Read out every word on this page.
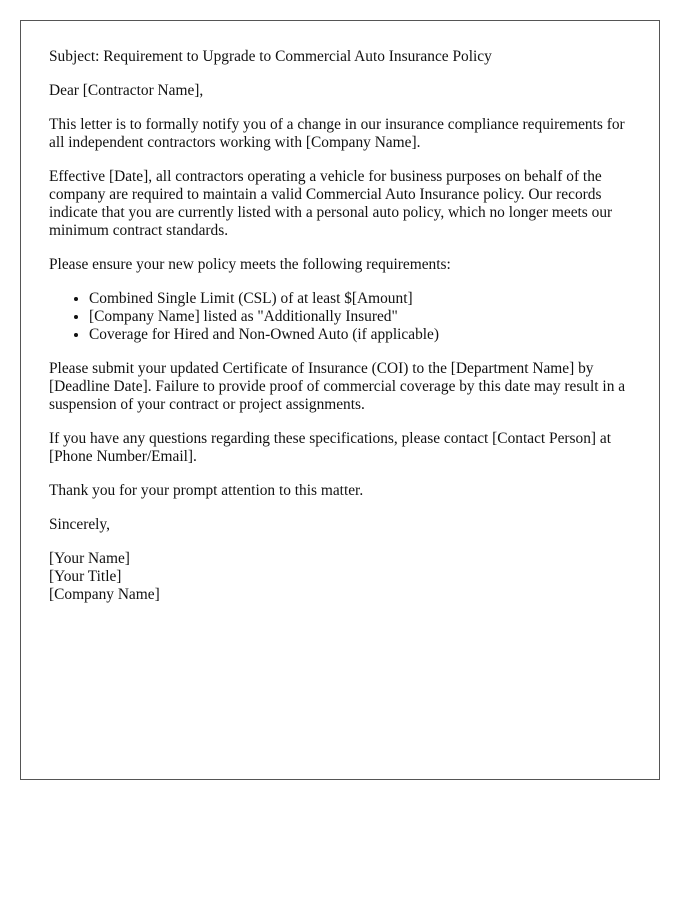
Subject: Requirement to Upgrade to Commercial Auto Insurance Policy

Dear [Contractor Name],

This letter is to formally notify you of a change in our insurance compliance requirements for all independent contractors working with [Company Name].

Effective [Date], all contractors operating a vehicle for business purposes on behalf of the company are required to maintain a valid Commercial Auto Insurance policy. Our records indicate that you are currently listed with a personal auto policy, which no longer meets our minimum contract standards.

Please ensure your new policy meets the following requirements:

• Combined Single Limit (CSL) of at least $[Amount]
• [Company Name] listed as "Additionally Insured"
• Coverage for Hired and Non-Owned Auto (if applicable)

Please submit your updated Certificate of Insurance (COI) to the [Department Name] by [Deadline Date]. Failure to provide proof of commercial coverage by this date may result in a suspension of your contract or project assignments.

If you have any questions regarding these specifications, please contact [Contact Person] at [Phone Number/Email].

Thank you for your prompt attention to this matter.

Sincerely,

[Your Name]
[Your Title]
[Company Name]
